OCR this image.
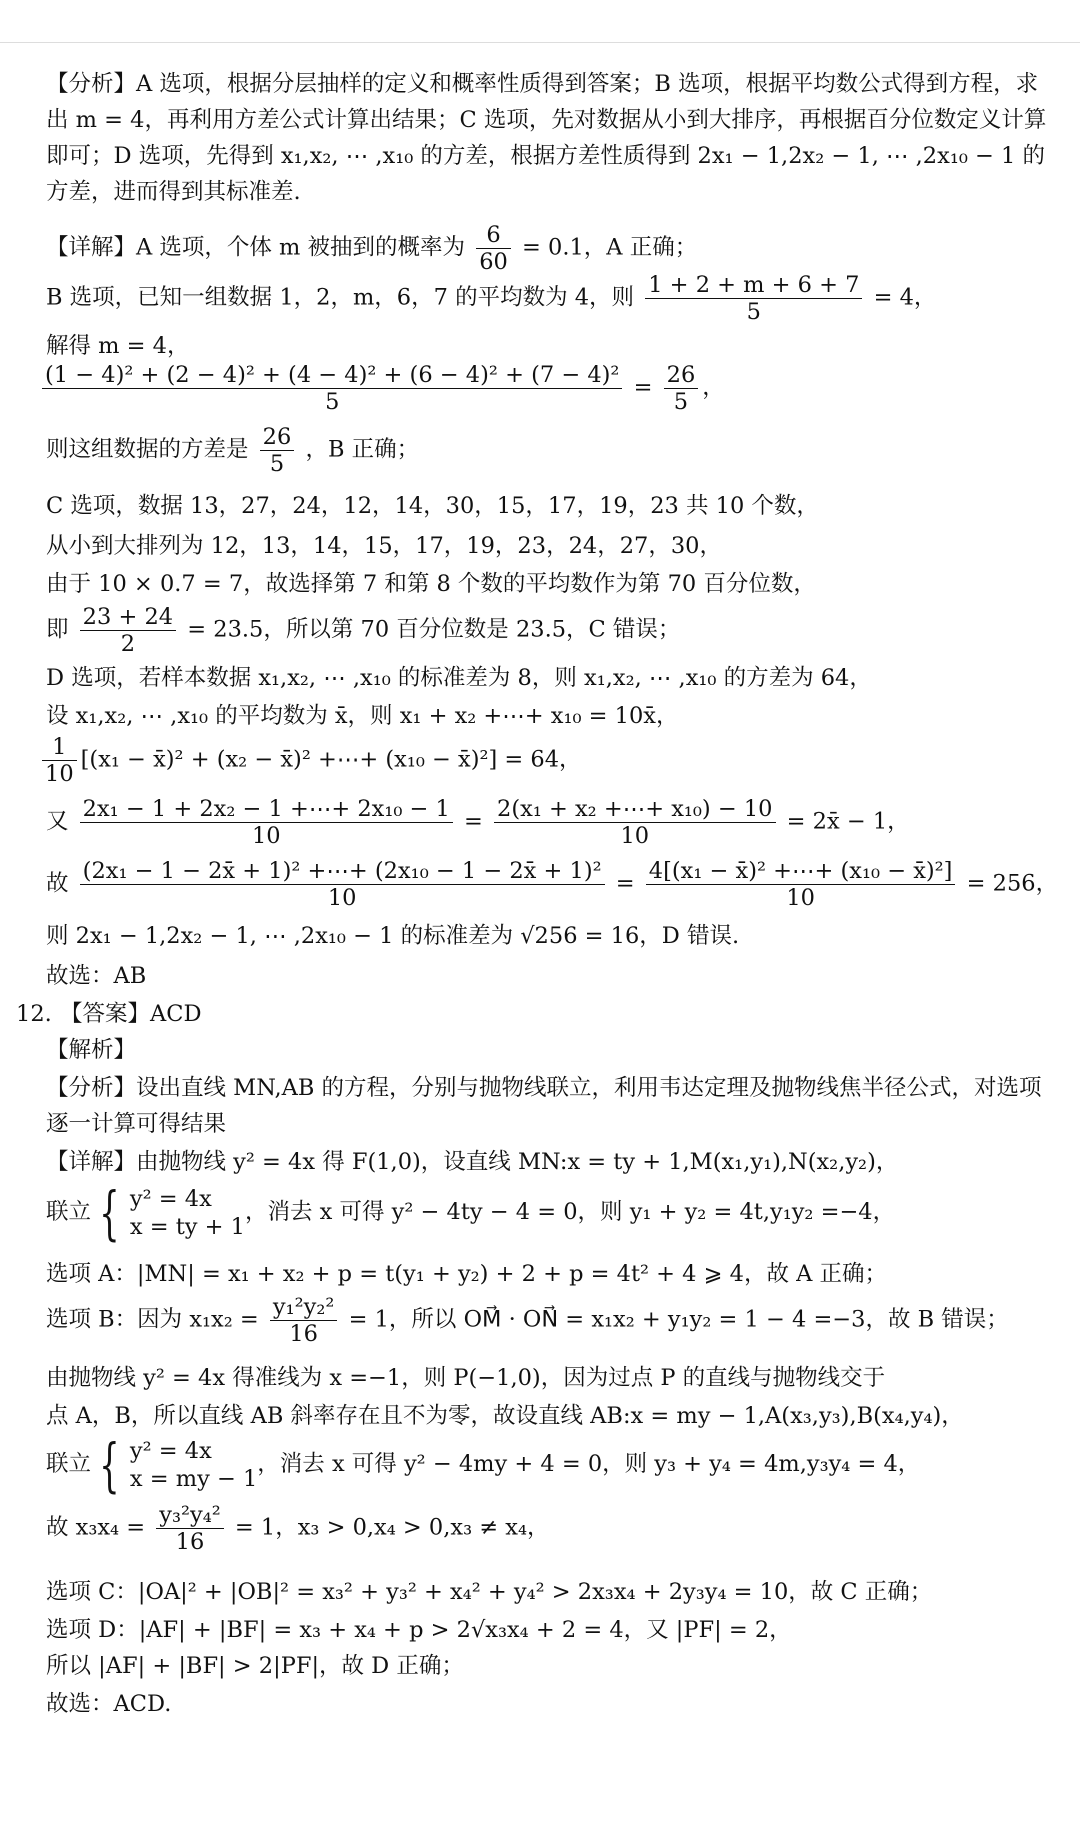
【分析】A 选项，根据分层抽样的定义和概率性质得到答案；B 选项，根据平均数公式得到方程，求出 m = 4，再利用方差公式计算出结果；C 选项，先对数据从小到大排序，再根据百分位数定义计算即可；D 选项，先得到 x₁,x₂, ⋯ ,x₁₀ 的方差，根据方差性质得到 2x₁ − 1,2x₂ − 1, ⋯ ,2x₁₀ − 1 的方差，进而得到其标准差.
【详解】A 选项，个体 m 被抽到的概率为 $\frac{6}{60} = 0.1$，A 正确；
B 选项，已知一组数据 1，2，m，6，7 的平均数为 4，则 $\frac{1 + 2 + m + 6 + 7}{5} = 4$，
解得 m = 4，
$\frac{\text{(1 − 4)² + (2 − 4)² + (4 − 4)² + (6 − 4)² + (7 − 4)²}}{5} = \frac{26}{5}$ ，
则这组数据的方差是 $\frac{26}{5}$ ，B 正确；
C 选项，数据 13，27，24，12，14，30，15，17，19，23 共 10 个数，
从小到大排列为 12，13，14，15，17，19，23，24，27，30，
由于 10 × 0.7 = 7，故选择第 7 和第 8 个数的平均数作为第 70 百分位数，
即 $\frac{23 + 24}{2} = 23.5$，所以第 70 百分位数是 23.5，C 错误；
D 选项，若样本数据 x₁,x₂, ⋯ ,x₁₀ 的标准差为 8，则 x₁,x₂, ⋯ ,x₁₀ 的方差为 64，
设 x₁,x₂, ⋯ ,x₁₀ 的平均数为 x̄，则 x₁ + x₂ +⋯+ x₁₀ = 10x̄，
$\frac{1}{10} [(x_1$ − x̄)² + (x₂ − x̄)² +⋯+ (x₁₀ − x̄)²] = 64，
又 $\frac{\text{2x₁ − 1 + 2x₂ − 1 +⋯+ 2x₁₀ − 1}}{10} = \frac{\text{2(x₁ + x₂ +⋯+ x₁₀) − 10}}{10}$ = 2x̄ − 1，
故 $\frac{\text{(2x₁ − 1 − 2x̄ + 1)² +⋯+ (2x₁₀ − 1 − 2x̄ + 1)²}}{10} = \frac{\text{4[(x₁ − x̄)² +⋯+ (x₁₀ − x̄)²]}}{10} = 256$，
则 2x₁ − 1,2x₂ − 1, ⋯ ,2x₁₀ − 1 的标准差为 √256 = 16，D 错误.
故选：AB
12. 【答案】ACD
【解析】
【分析】设出直线 MN,AB 的方程，分别与抛物线联立，利用韦达定理及抛物线焦半径公式，对选项逐一计算可得结果
【详解】由抛物线 y² = 4x 得 F(1,0)，设直线 MN:x = ty + 1,M(x₁,y₁),N(x₂,y₂)，
联立 { y² = 4x
x = ty + 1
，消去 x 可得 y² − 4ty − 4 = 0，则 y₁ + y₂ = 4t,y₁y₂ =−4，
选项 A：|MN| = x₁ + x₂ + p = t(y₁ + y₂) + 2 + p = 4t² + 4 ⩾ 4，故 A 正确；
选项 B：因为 $x_1x_2 = \frac{\text{y₁²y₂²}}{16} = 1$，所以 OM⃗ · ON⃗ = x₁x₂ + y₁y₂ = 1 − 4 =−3，故 B 错误；
由抛物线 y² = 4x 得准线为 x =−1，则 P(−1,0)，因为过点 P 的直线与抛物线交于
点 A，B，所以直线 AB 斜率存在且不为零，故设直线 AB:x = my − 1,A(x₃,y₃),B(x₄,y₄)，
联立 { y² = 4x
x = my − 1
，消去 x 可得 y² − 4my + 4 = 0，则 y₃ + y₄ = 4m,y₃y₄ = 4，
故 $x_3x_4 = \frac{\text{y₃²y₄²}}{16} = 1$，x₃ > 0,x₄ > 0,x₃ ≠ x₄，
选项 C：|OA|² + |OB|² = x₃² + y₃² + x₄² + y₄² > 2x₃x₄ + 2y₃y₄ = 10，故 C 正确；
选项 D：|AF| + |BF| = x₃ + x₄ + p > 2√x₃x₄ + 2 = 4，又 |PF| = 2，
所以 |AF| + |BF| > 2|PF|，故 D 正确；
故选：ACD.
